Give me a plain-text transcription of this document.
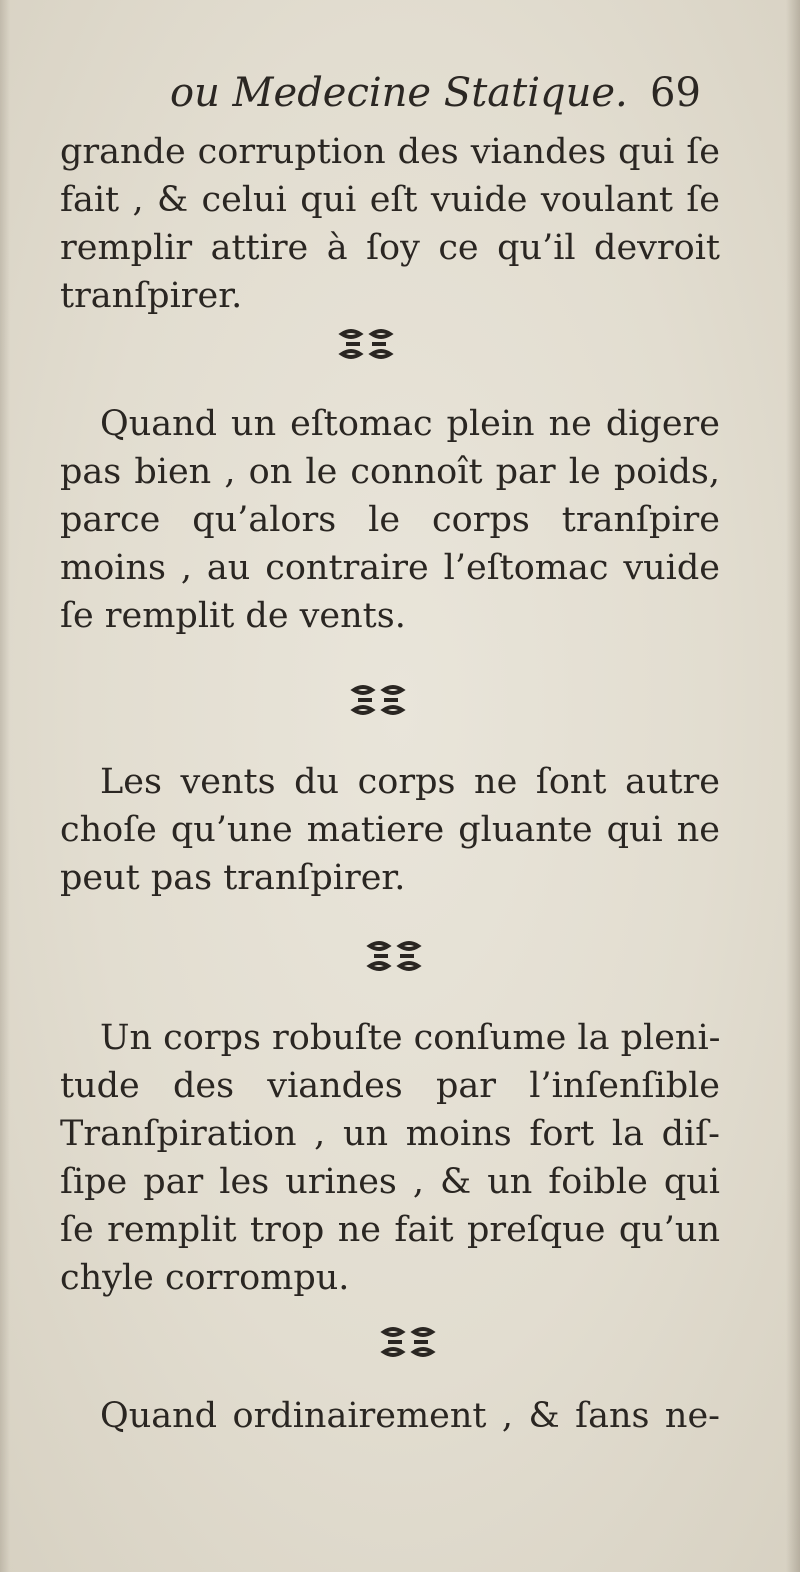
ou Medecine Statique. 69
grande corruption des viandes qui ſe
fait , & celui qui eſt vuide voulant ſe
remplir attire à ſoy ce qu’il devroit
tranſpirer.
Quand un eſtomac plein ne digere
pas bien , on le connoît par le poids,
parce qu’alors le corps tranſpire
moins , au contraire l’eſtomac vuide
ſe remplit de vents.
Les vents du corps ne ſont autre
choſe qu’une matiere gluante qui ne
peut pas tranſpirer.
Un corps robuſte conſume la pleni-
tude des viandes par l’inſenſible
Tranſpiration , un moins fort la diſ-
ſipe par les urines , & un foible qui
ſe remplit trop ne fait preſque qu’un
chyle corrompu.
Quand ordinairement , & ſans ne-
